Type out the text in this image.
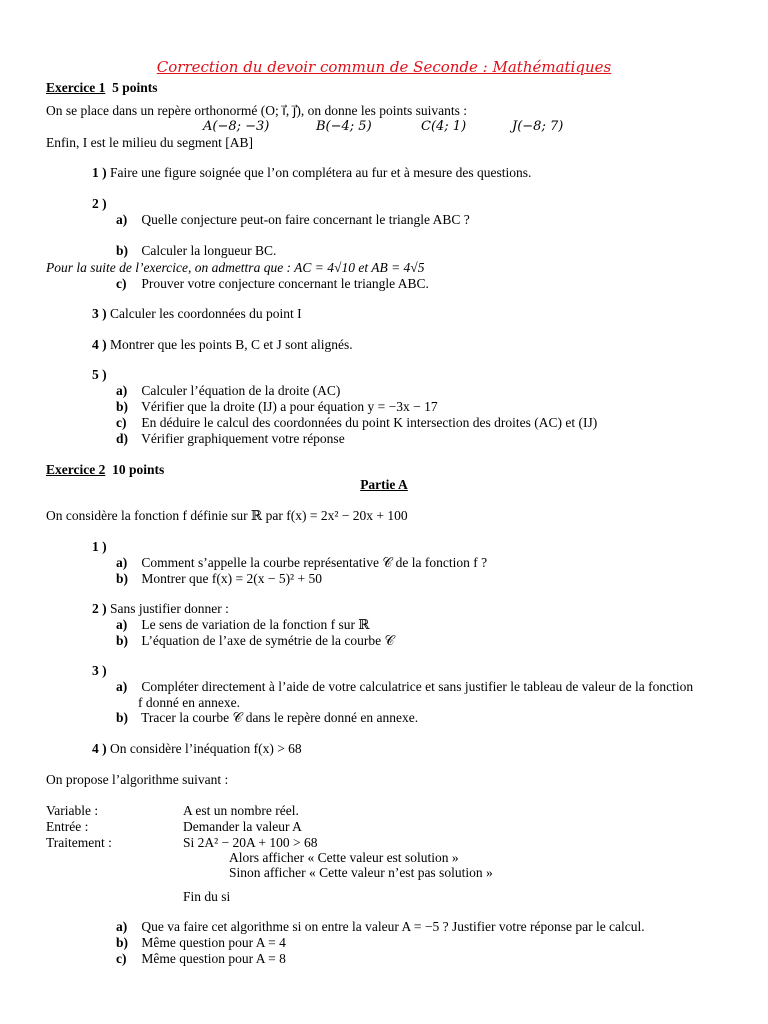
Correction du devoir commun de Seconde : Mathématiques
Exercice 1 5 points
On se place dans un repère orthonormé (O; i⃗, j⃗), on donne les points suivants :
A(−8; −3)	B(−4; 5)	C(4; 1)	J(−8; 7)
Enfin, I est le milieu du segment [AB]
1 ) Faire une figure soignée que l’on complétera au fur et à mesure des questions.
2 )
a) Quelle conjecture peut-on faire concernant le triangle ABC ?
b) Calculer la longueur BC.
Pour la suite de l’exercice, on admettra que : AC = 4√10 et AB = 4√5
c) Prouver votre conjecture concernant le triangle ABC.
3 ) Calculer les coordonnées du point I
4 ) Montrer que les points B, C et J sont alignés.
5 )
a) Calculer l’équation de la droite (AC)
b) Vérifier que la droite (IJ) a pour équation y = −3x − 17
c) En déduire le calcul des coordonnées du point K intersection des droites (AC) et (IJ)
d) Vérifier graphiquement votre réponse
Exercice 2 10 points
Partie A
On considère la fonction f définie sur ℝ par f(x) = 2x² − 20x + 100
1 )
a) Comment s’appelle la courbe représentative 𝒞 de la fonction f ?
b) Montrer que f(x) = 2(x − 5)² + 50
2 ) Sans justifier donner :
a) Le sens de variation de la fonction f sur ℝ
b) L’équation de l’axe de symétrie de la courbe 𝒞
3 )
a) Compléter directement à l’aide de votre calculatrice et sans justifier le tableau de valeur de la fonction
f donné en annexe.
b) Tracer la courbe 𝒞 dans le repère donné en annexe.
4 ) On considère l’inéquation f(x) > 68
On propose l’algorithme suivant :
Variable :	A est un nombre réel.
Entrée :	Demander la valeur A
Traitement :	Si 2A² − 20A + 100 > 68
Alors afficher « Cette valeur est solution »
Sinon afficher « Cette valeur n’est pas solution »
Fin du si
a) Que va faire cet algorithme si on entre la valeur A = −5 ? Justifier votre réponse par le calcul.
b) Même question pour A = 4
c) Même question pour A = 8
